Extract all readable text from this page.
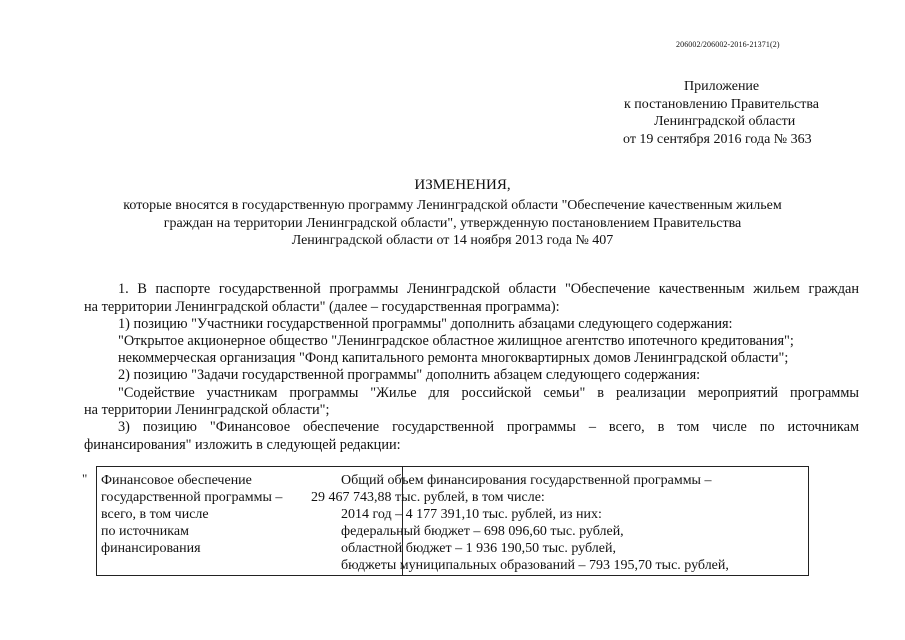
206002/206002-2016-21371(2)
Приложение
к постановлению Правительства
Ленинградской области
от 19 сентября 2016 года № 363
ИЗМЕНЕНИЯ,
которые вносятся в государственную программу Ленинградской области "Обеспечение качественным жильем
граждан на территории Ленинградской области", утвержденную постановлением Правительства
Ленинградской области от 14 ноября 2013 года № 407
1. В паспорте государственной программы Ленинградской области "Обеспечение качественным жильем граждан
на территории Ленинградской области" (далее – государственная программа):
1) позицию "Участники государственной программы" дополнить абзацами следующего содержания:
"Открытое акционерное общество "Ленинградское областное жилищное агентство ипотечного кредитования";
некоммерческая организация "Фонд капитального ремонта многоквартирных домов Ленинградской области";
2) позицию "Задачи государственной программы" дополнить абзацем следующего содержания:
"Содействие участникам программы "Жилье для российской семьи" в реализации мероприятий программы
на территории Ленинградской области";
3) позицию "Финансовое обеспечение государственной программы – всего, в том числе по источникам
финансирования" изложить в следующей редакции:
" Финансовое обеспечение
государственной программы –
всего, в том числе
по источникам
финансирования
Общий объем финансирования государственной программы –
29 467 743,88 тыс. рублей, в том числе:
2014 год – 4 177 391,10 тыс. рублей, из них:
федеральный бюджет – 698 096,60 тыс. рублей,
областной бюджет – 1 936 190,50 тыс. рублей,
бюджеты муниципальных образований – 793 195,70 тыс. рублей,
